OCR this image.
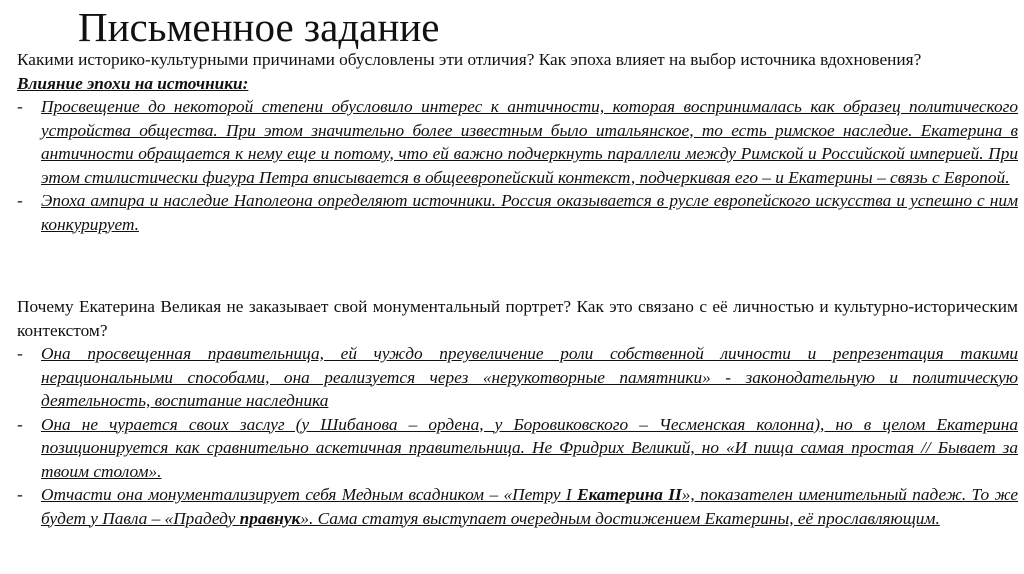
Письменное задание

Какими историко-культурными причинами обусловлены эти отличия? Как эпоха влияет на выбор источника вдохновения?

Влияние эпохи на источники:

- Просвещение до некоторой степени обусловило интерес к античности, которая воспринималась как образец политического устройства общества. При этом значительно более известным было итальянское, то есть римское наследие. Екатерина в античности обращается к нему еще и потому, что ей важно подчеркнуть параллели между Римской и Российской империей. При этом стилистически фигура Петра вписывается в общеевропейский контекст, подчеркивая его – и Екатерины – связь с Европой.
- Эпоха ампира и наследие Наполеона определяют источники. Россия оказывается в русле европейского искусства и успешно с ним конкурирует.

Почему Екатерина Великая не заказывает свой монументальный портрет? Как это связано с её личностью и культурно-историческим контекстом?

- Она просвещенная правительница, ей чуждо преувеличение роли собственной личности и репрезентация такими нерациональными способами, она реализуется через «нерукотворные памятники» - законодательную и политическую деятельность, воспитание наследника
- Она не чурается своих заслуг (у Шибанова – ордена, у Боровиковского – Чесменская колонна), но в целом Екатерина позиционируется как сравнительно аскетичная правительница. Не Фридрих Великий, но «И пища самая простая // Бывает за твоим столом».
- Отчасти она монументализирует себя Медным всадником – «Петру I Екатерина II», показателен именительный падеж. То же будет у Павла – «Прадеду правнук». Сама статуя выступает очередным достижением Екатерины, её прославляющим.
